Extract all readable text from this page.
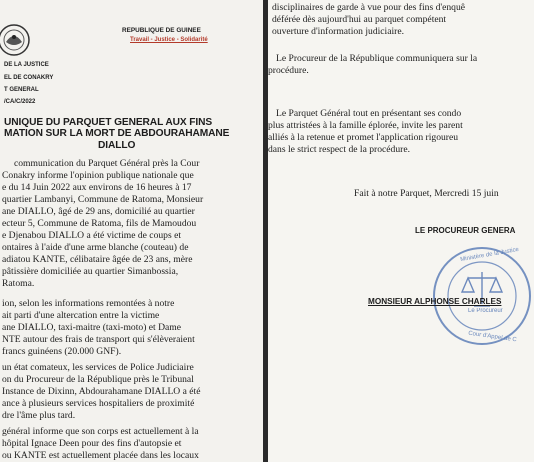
DE LA JUSTICE
EL DE CONAKRY
T GENERAL
/CA/C/2022
REPUBLIQUE DE GUINEE
Travail - Justice - Solidarité
UNIQUE DU PARQUET GENERAL AUX FINS
MATION SUR LA MORT DE ABDOURAHAMANE
DIALLO
communication du Parquet Général près la Cour
Conakry informe l'opinion publique nationale que
e du 14 Juin 2022 aux environs de 16 heures à 17
quartier Lambanyi, Commune de Ratoma, Monsieur
ane DIALLO, âgé de 29 ans, domicilié au quartier
ecteur 5, Commune de Ratoma, fils de Mamoudou
e Djenabou DIALLO a été victime de coups et
ontaires à l'aide d'une arme blanche (couteau) de
adiatou KANTE, célibataire âgée de 23 ans, mère
pâtissière domiciliée au quartier Simanbossia,
Ratoma.
ion, selon les informations remontées à notre
ait parti d'une altercation entre la victime
ane DIALLO, taxi-maitre (taxi-moto) et Dame
NTE autour des frais de transport qui s'élèveraient
francs guinéens (20.000 GNF).
un état comateux, les services de Police Judiciaire
on du Procureur de la République près le Tribunal
Instance de Dixinn, Abdourahamane DIALLO a été
ance à plusieurs services hospitaliers de proximité
dre l'âme plus tard.
général informe que son corps est actuellement à la
hôpital Ignace Deen pour des fins d'autopsie et
ou KANTE est actuellement placée dans les locaux
disciplinaires de garde à vue pour des fins d'enquê
déférée dès aujourd'hui au parquet compétent
ouverture d'information judiciaire.
Le Procureur de la République communiquera sur la
procédure.
Le Parquet Général tout en présentant ses condo
plus attristées à la famille éplorée, invite les parent
alliés à la retenue et promet l'application rigoureu
dans le strict respect de la procédure.
Fait à notre Parquet, Mercredi 15 juin
LE PROCUREUR GENERA
Ministère de la Justice
Le Procureur
Cour d'Appel de C
MONSIEUR ALPHONSE CHARLES
